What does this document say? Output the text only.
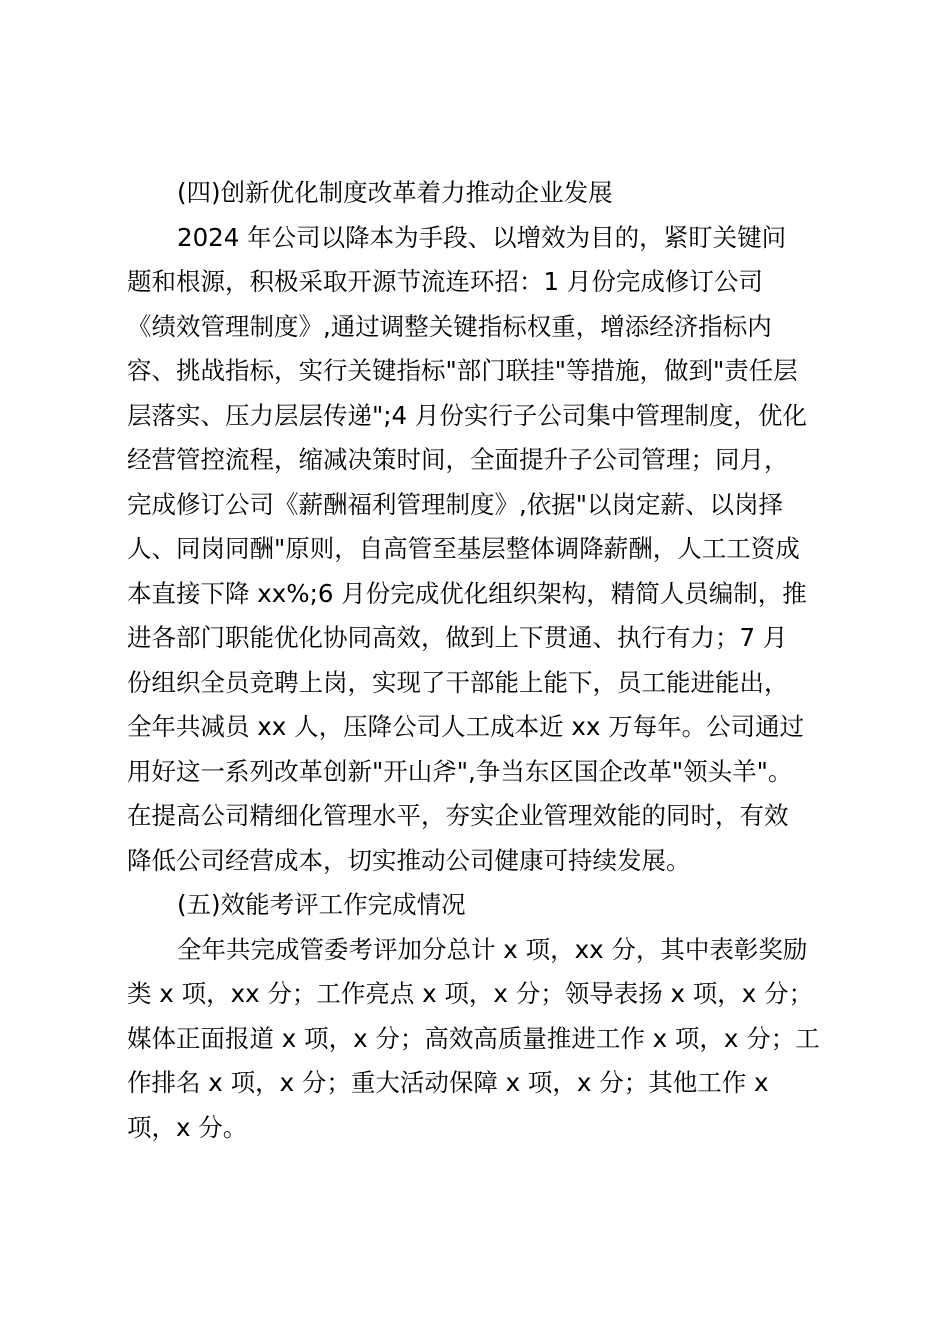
(四)创新优化制度改革着力推动企业发展
2024 年公司以降本为手段、以增效为目的，紧盯关键问
题和根源，积极采取开源节流连环招：1 月份完成修订公司
《绩效管理制度》,通过调整关键指标权重，增添经济指标内
容、挑战指标，实行关键指标"部门联挂"等措施，做到"责任层
层落实、压力层层传递";4 月份实行子公司集中管理制度，优化
经营管控流程，缩减决策时间，全面提升子公司管理；同月，
完成修订公司《薪酬福利管理制度》,依据"以岗定薪、以岗择
人、同岗同酬"原则，自高管至基层整体调降薪酬，人工工资成
本直接下降 xx%;6 月份完成优化组织架构，精简人员编制，推
进各部门职能优化协同高效，做到上下贯通、执行有力；7 月
份组织全员竞聘上岗，实现了干部能上能下，员工能进能出，
全年共减员 xx 人，压降公司人工成本近 xx 万每年。公司通过
用好这一系列改革创新"开山斧",争当东区国企改革"领头羊"。
在提高公司精细化管理水平，夯实企业管理效能的同时，有效
降低公司经营成本，切实推动公司健康可持续发展。
(五)效能考评工作完成情况
全年共完成管委考评加分总计 x 项，xx 分，其中表彰奖励
类 x 项，xx 分；工作亮点 x 项，x 分；领导表扬 x 项，x 分；
媒体正面报道 x 项，x 分；高效高质量推进工作 x 项，x 分；工
作排名 x 项，x 分；重大活动保障 x 项，x 分；其他工作 x
项，x 分。
